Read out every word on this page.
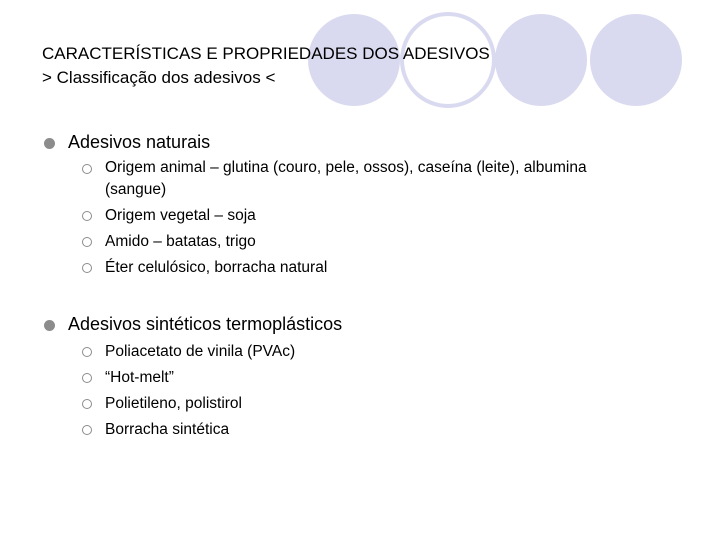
CARACTERÍSTICAS E PROPRIEDADES DOS ADESIVOS
> Classificação dos adesivos <
Adesivos naturais
Origem animal – glutina (couro, pele, ossos), caseína (leite), albumina
(sangue)
Origem vegetal – soja
Amido – batatas, trigo
Éter celulósico, borracha natural
Adesivos sintéticos termoplásticos
Poliacetato de vinila (PVAc)
“Hot-melt”
Polietileno, polistirol
Borracha sintética
